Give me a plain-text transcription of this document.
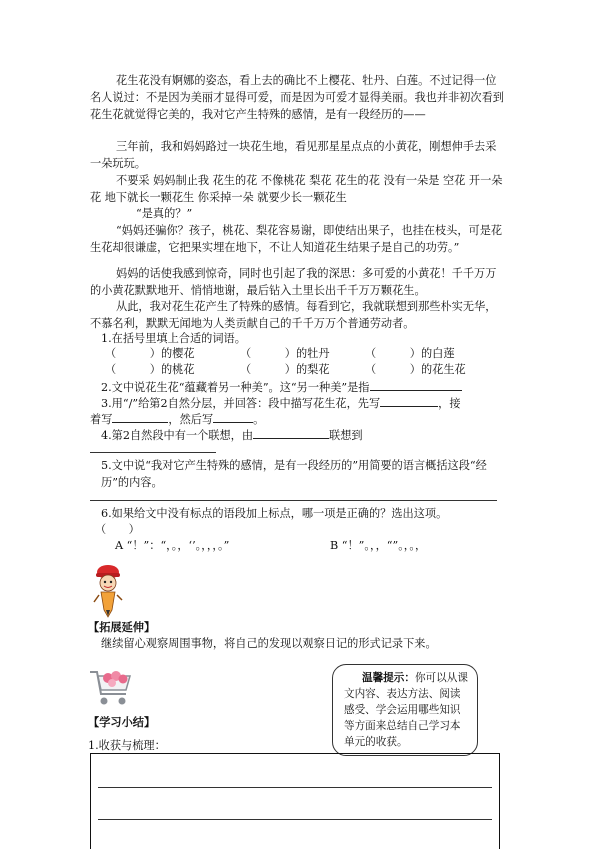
花生花没有婀娜的姿态，看上去的确比不上樱花、牡丹、白莲。不过记得一位名人说过：不是因为美丽才显得可爱，而是因为可爱才显得美丽。我也并非初次看到花生花就觉得它美的，我对它产生特殊的感情，是有一段经历的——

三年前，我和妈妈路过一块花生地，看见那星星点点的小黄花，刚想伸手去采一朵玩玩。

不要采 妈妈制止我 花生的花 不像桃花 梨花 花生的花 没有一朵是 空花 开一朵花 地下就长一颗花生 你采掉一朵 就要少长一颗花生

“是真的？”

“妈妈还骗你？孩子，桃花、梨花容易谢，即使结出果子，也挂在枝头，可是花生花却很谦虚，它把果实埋在地下，不让人知道花生结果子是自己的功劳。”

妈妈的话使我感到惊奇，同时也引起了我的深思：多可爱的小黄花！千千万万的小黄花默默地开、悄悄地谢，最后钻入土里长出千千万万颗花生。

从此，我对花生花产生了特殊的感情。每看到它，我就联想到那些朴实无华，不慕名利，默默无闻地为人类贡献自己的千千万万个普通劳动者。

1.在括号里填上合适的词语。

（　　　）的樱花	（　　　）的牡丹	（　　　）的白莲
（　　　）的桃花	（　　　）的梨花	（　　　）的花生花

2.文中说花生花“蕴藏着另一种美”。这“另一种美”是指

3.用“/”给第2自然分层，并回答：段中描写花生花，先写	，接

着写	，然后写	。

4.第2自然段中有一个联想，由	联想到

5.文中说“我对它产生特殊的感情，是有一段经历的”用简要的语言概括这段“经历”的内容。

6.如果给文中没有标点的语段加上标点，哪一项是正确的？选出这项。

（　　）

A “！”：“，。，‘’。，，，。”	B “！”。，，“”。，。，

【拓展延伸】

继续留心观察周围事物，将自己的发现以观察日记的形式记录下来。

【学习小结】

1.收获与梳理：

温馨提示：你可以从课文内容、表达方法、阅读感受、学会运用哪些知识等方面来总结自己学习本单元的收获。
